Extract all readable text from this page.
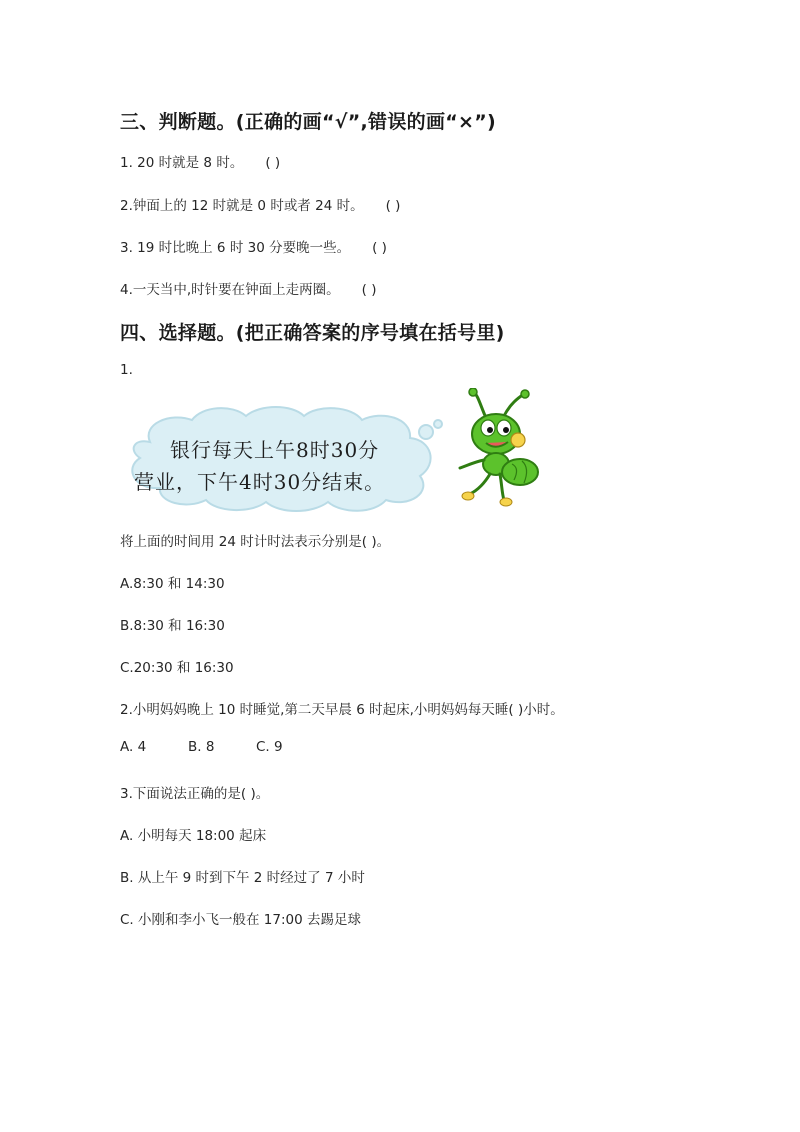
三、判断题。(正确的画“√”,错误的画“×”)
1. 20 时就是 8 时。 ( )
2.钟面上的 12 时就是 0 时或者 24 时。 ( )
3. 19 时比晚上 6 时 30 分要晚一些。 ( )
4.一天当中,时针要在钟面上走两圈。 ( )
四、选择题。(把正确答案的序号填在括号里)
1.
银行每天上午8时30分
营业，下午4时30分结束。
将上面的时间用 24 时计时法表示分别是( )。
A.8:30 和 14:30
B.8:30 和 16:30
C.20:30 和 16:30
2.小明妈妈晚上 10 时睡觉,第二天早晨 6 时起床,小明妈妈每天睡( )小时。
A. 4	B. 8	C. 9
3.下面说法正确的是( )。
A. 小明每天 18:00 起床
B. 从上午 9 时到下午 2 时经过了 7 小时
C. 小刚和李小飞一般在 17:00 去踢足球
